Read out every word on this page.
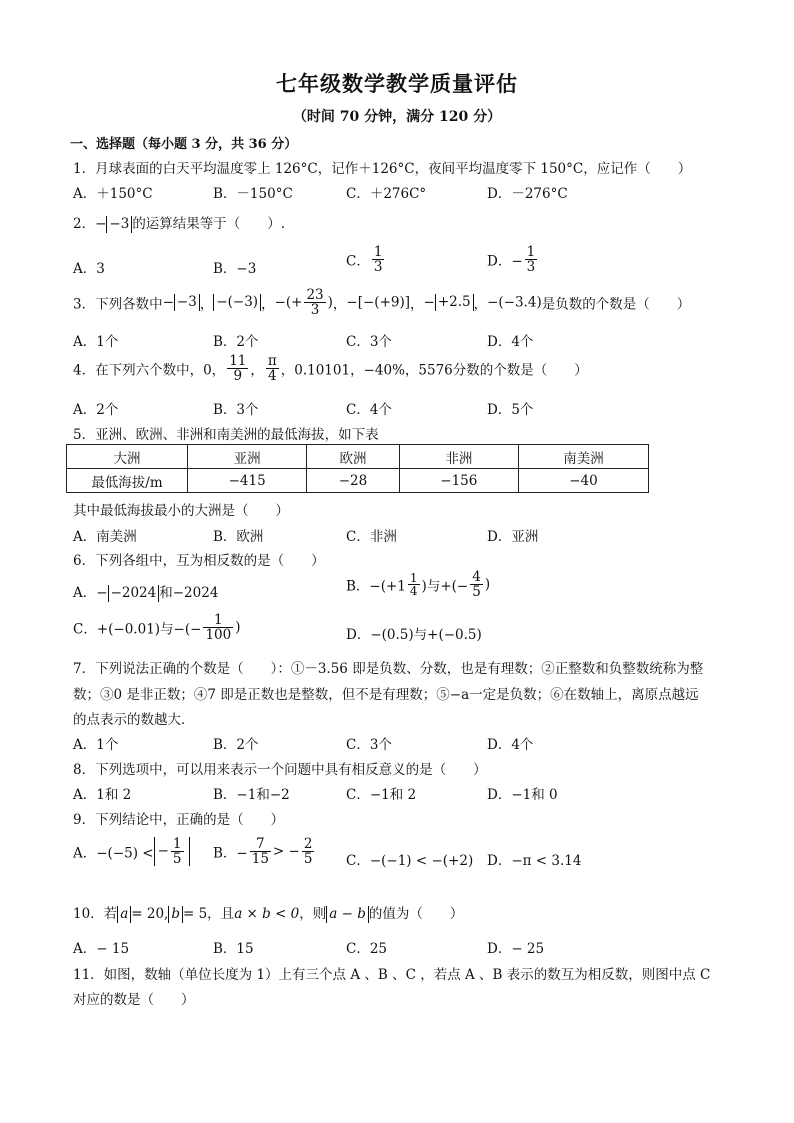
七年级数学教学质量评估
（时间 70 分钟，满分 120 分）
一、选择题（每小题 3 分，共 36 分）
1．月球表面的白天平均温度零上 126°C，记作＋126°C，夜间平均温度零下 150°C，应记作（　　）
A．＋150°C	B．－150°C	C．＋276C°	D．－276°C
2．− −3 的运算结果等于（　　）.
A．3	B．−3	C． $\frac{1}{3}$	D．− $\frac{1}{3}$
3．下列各数中− −3 ， −(−3) ，−(+ $\frac{23}{3}$ )，−[−(+9)]，− +2.5 ，−(−3.4)是负数的个数是（　　）
A．1个	B．2个	C．3个	D．4个
4．在下列六个数中，0， $\frac{11}{9}$ ， $\frac{\pi}{4}$ ，0.10101，−40%，5576分数的个数是（　　）
A．2个	B．3个	C．4个	D．5个
5．亚洲、欧洲、非洲和南美洲的最低海拔，如下表
大洲	亚洲	欧洲	非洲	南美洲
最低海拔/m	−415	−28	−156	−40
其中最低海拔最小的大洲是（　　）
A．南美洲	B．欧洲	C．非洲	D．亚洲
6．下列各组中，互为相反数的是（　　）
A．− −2024 和−2024	B．$-(+1 \frac{1}{4}$ )与+(− $\frac{4}{5}$ )
C．+(−0.01)与−(− $\frac{1}{100}$ )	D．−(0.5)与+(−0.5)
7．下列说法正确的个数是（　　）：①－3.56 即是负数、分数，也是有理数；②正整数和负整数统称为整
数；③0 是非正数；④7 即是正数也是整数，但不是有理数；⑤−a一定是负数；⑥在数轴上，离原点越远
的点表示的数越大．
A．1个	B．2个	C．3个	D．4个
8．下列选项中，可以用来表示一个问题中具有相反意义的是（　　）
A．1和 2	B．−1和−2	C．−1和 2	D．−1和 0
9．下列结论中，正确的是（　　）
A．−(−5) < − $\frac{1}{5}$ B．− $\frac{7}{15}$ > − $\frac{2}{5}$ C．−(−1) < −(+2) D．−π < 3.14
10．若 a = 20, b = 5，且a × b < 0，则 a − b 的值为（　　）
A．− 15	B．15	C．25	D．− 25
11．如图，数轴（单位长度为 1）上有三个点 A 、B 、C ，若点 A 、B 表示的数互为相反数，则图中点 C
对应的数是（　　）
